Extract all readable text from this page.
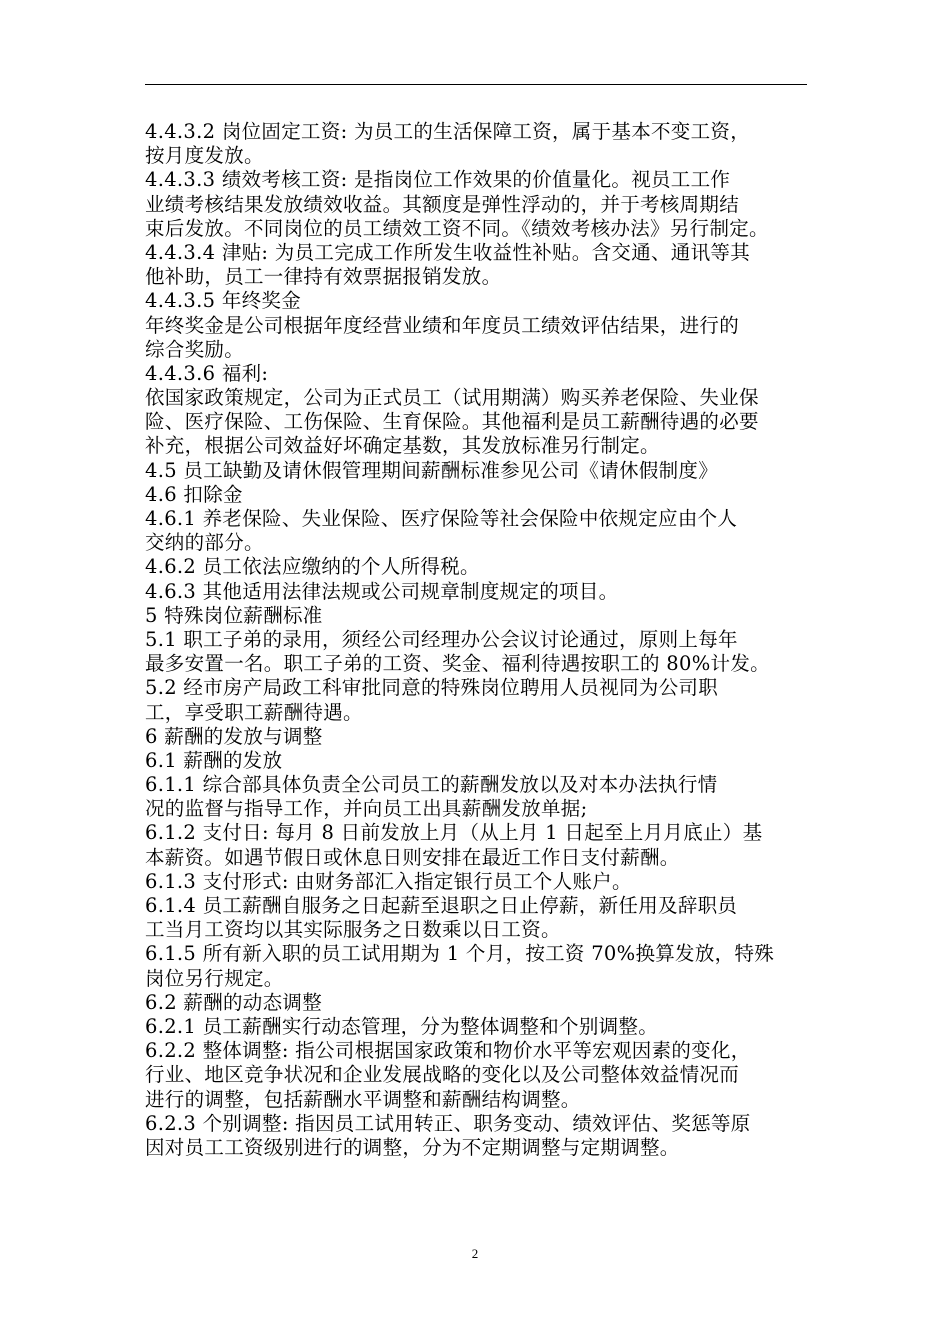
4.4.3.2 岗位固定工资: 为员工的生活保障工资，属于基本不变工资，
按月度发放。
4.4.3.3 绩效考核工资: 是指岗位工作效果的价值量化。视员工工作
业绩考核结果发放绩效收益。其额度是弹性浮动的，并于考核周期结
束后发放。不同岗位的员工绩效工资不同。《绩效考核办法》另行制定。
4.4.3.4 津贴: 为员工完成工作所发生收益性补贴。含交通、通讯等其
他补助，员工一律持有效票据报销发放。
4.4.3.5 年终奖金
年终奖金是公司根据年度经营业绩和年度员工绩效评估结果，进行的
综合奖励。
4.4.3.6 福利:
依国家政策规定，公司为正式员工（试用期满）购买养老保险、失业保
险、医疗保险、工伤保险、生育保险。其他福利是员工薪酬待遇的必要
补充，根据公司效益好坏确定基数，其发放标准另行制定。
4.5 员工缺勤及请休假管理期间薪酬标准参见公司《请休假制度》
4.6 扣除金
4.6.1 养老保险、失业保险、医疗保险等社会保险中依规定应由个人
交纳的部分。
4.6.2 员工依法应缴纳的个人所得税。
4.6.3 其他适用法律法规或公司规章制度规定的项目。
5 特殊岗位薪酬标准
5.1 职工子弟的录用，须经公司经理办公会议讨论通过，原则上每年
最多安置一名。职工子弟的工资、奖金、福利待遇按职工的 80%计发。
5.2 经市房产局政工科审批同意的特殊岗位聘用人员视同为公司职
工，享受职工薪酬待遇。
6 薪酬的发放与调整
6.1 薪酬的发放
6.1.1 综合部具体负责全公司员工的薪酬发放以及对本办法执行情
况的监督与指导工作，并向员工出具薪酬发放单据;
6.1.2 支付日: 每月 8 日前发放上月（从上月 1 日起至上月月底止）基
本薪资。如遇节假日或休息日则安排在最近工作日支付薪酬。
6.1.3 支付形式: 由财务部汇入指定银行员工个人账户。
6.1.4 员工薪酬自服务之日起薪至退职之日止停薪，新任用及辞职员
工当月工资均以其实际服务之日数乘以日工资。
6.1.5 所有新入职的员工试用期为 1 个月，按工资 70%换算发放，特殊
岗位另行规定。
6.2 薪酬的动态调整
6.2.1 员工薪酬实行动态管理，分为整体调整和个别调整。
6.2.2 整体调整: 指公司根据国家政策和物价水平等宏观因素的变化，
行业、地区竞争状况和企业发展战略的变化以及公司整体效益情况而
进行的调整，包括薪酬水平调整和薪酬结构调整。
6.2.3 个别调整: 指因员工试用转正、职务变动、绩效评估、奖惩等原
因对员工工资级别进行的调整，分为不定期调整与定期调整。
2
